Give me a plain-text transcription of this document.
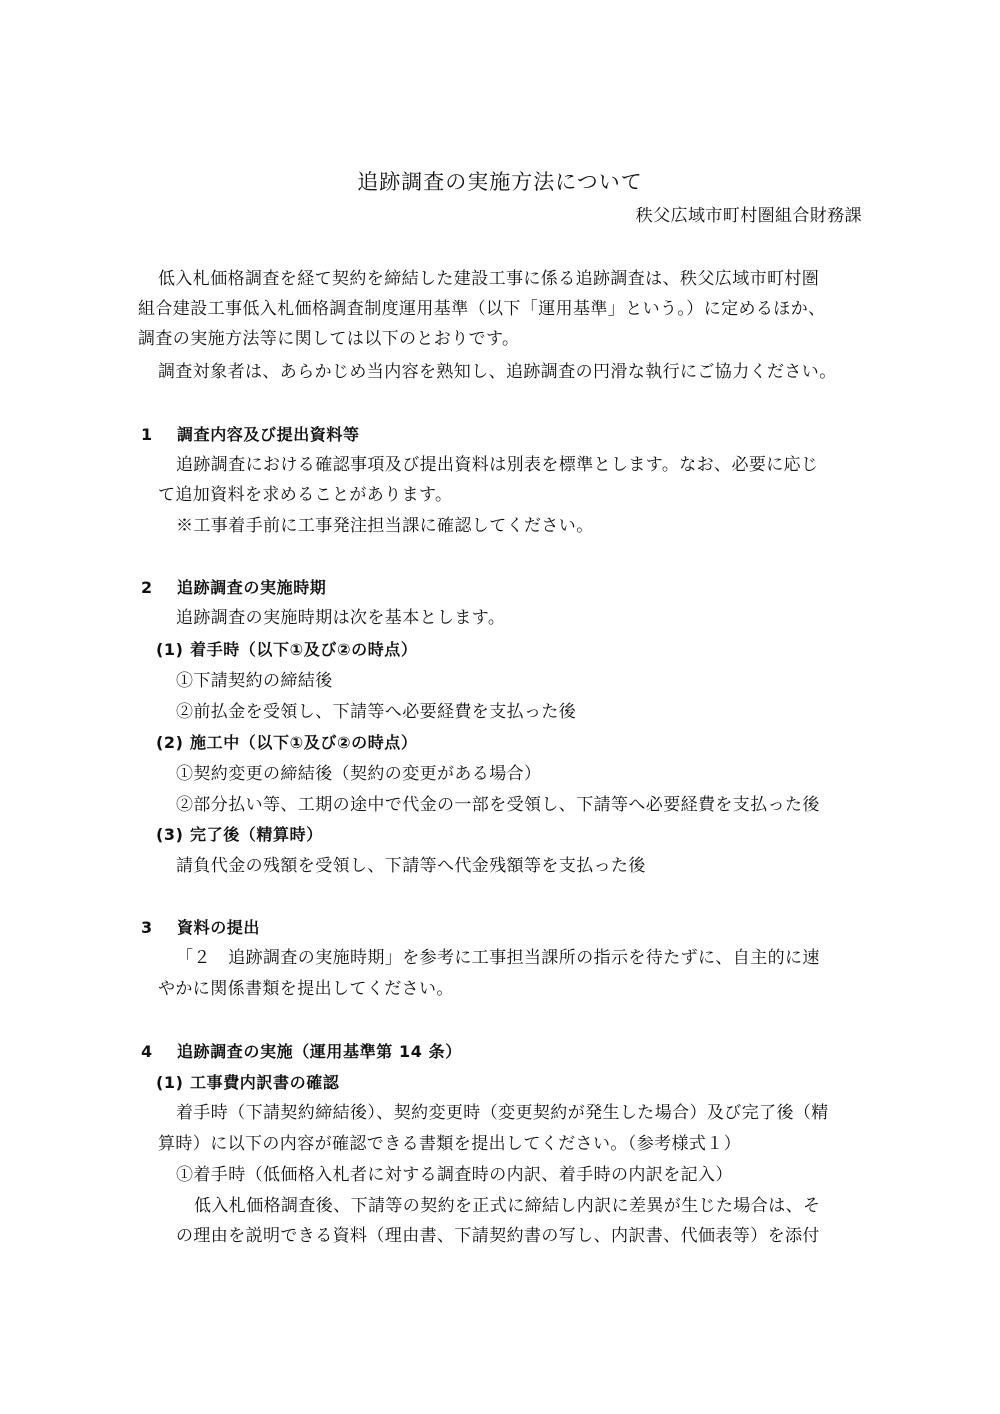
追跡調査の実施方法について
秩父広域市町村圏組合財務課
低入札価格調査を経て契約を締結した建設工事に係る追跡調査は、秩父広域市町村圏
組合建設工事低入札価格調査制度運用基準（以下「運用基準」という。）に定めるほか、
調査の実施方法等に関しては以下のとおりです。
調査対象者は、あらかじめ当内容を熟知し、追跡調査の円滑な執行にご協力ください。
1 調査内容及び提出資料等
追跡調査における確認事項及び提出資料は別表を標準とします。なお、必要に応じ
て追加資料を求めることがあります。
※工事着手前に工事発注担当課に確認してください。
2 追跡調査の実施時期
追跡調査の実施時期は次を基本とします。
(1) 着手時（以下①及び②の時点）
①下請契約の締結後
②前払金を受領し、下請等へ必要経費を支払った後
(2) 施工中（以下①及び②の時点）
①契約変更の締結後（契約の変更がある場合）
②部分払い等、工期の途中で代金の一部を受領し、下請等へ必要経費を支払った後
(3) 完了後（精算時）
請負代金の残額を受領し、下請等へ代金残額等を支払った後
3 資料の提出
「２　追跡調査の実施時期」を参考に工事担当課所の指示を待たずに、自主的に速
やかに関係書類を提出してください。
4 追跡調査の実施（運用基準第 14 条）
(1) 工事費内訳書の確認
着手時（下請契約締結後）、契約変更時（変更契約が発生した場合）及び完了後（精
算時）に以下の内容が確認できる書類を提出してください。（参考様式１）
①着手時（低価格入札者に対する調査時の内訳、着手時の内訳を記入）
低入札価格調査後、下請等の契約を正式に締結し内訳に差異が生じた場合は、そ
の理由を説明できる資料（理由書、下請契約書の写し、内訳書、代価表等）を添付
